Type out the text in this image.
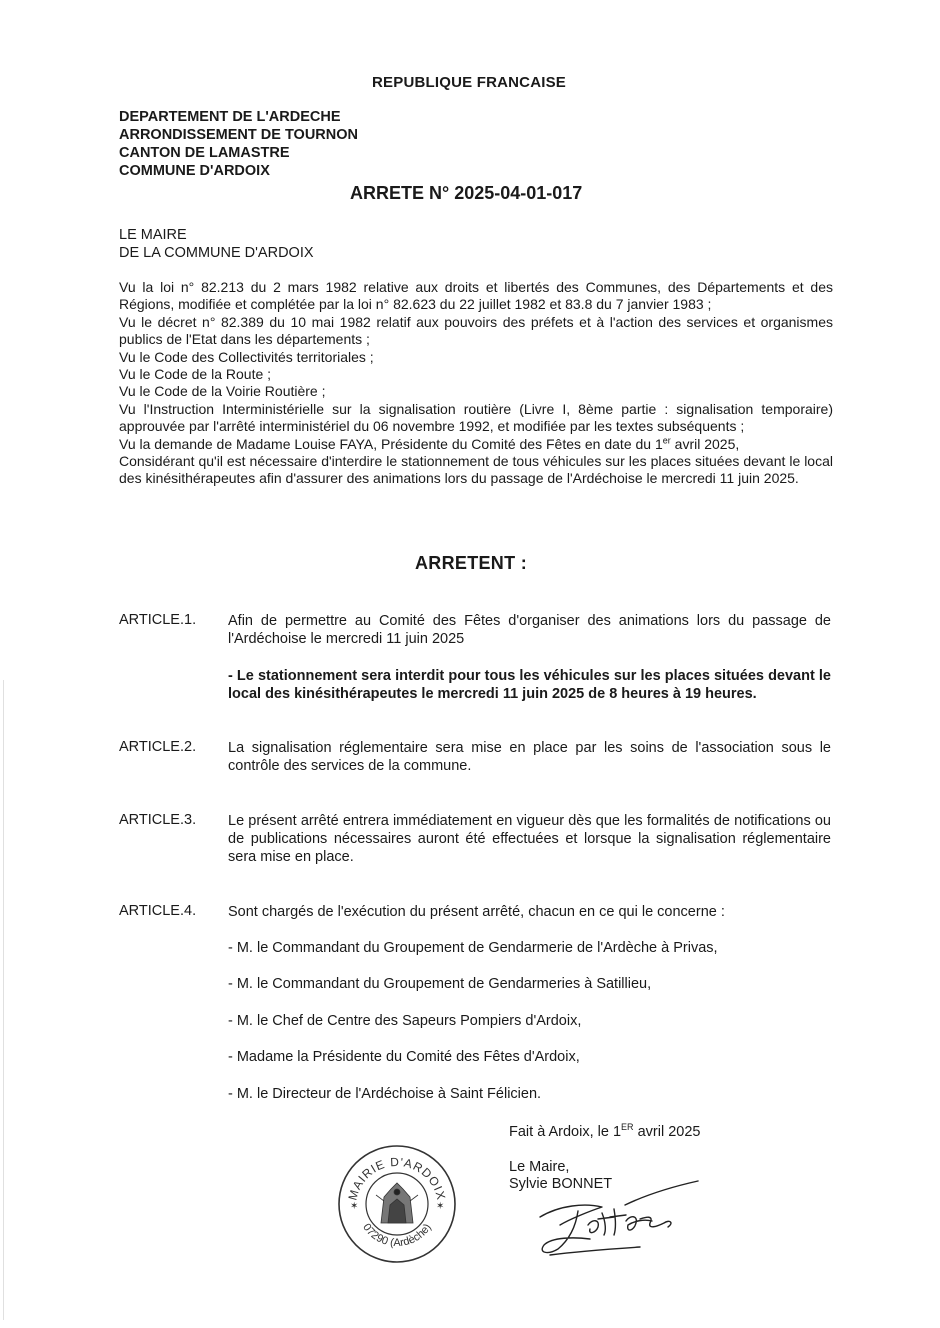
REPUBLIQUE FRANCAISE
DEPARTEMENT DE L'ARDECHE
ARRONDISSEMENT DE TOURNON
CANTON DE LAMASTRE
COMMUNE D'ARDOIX
ARRETE N° 2025-04-01-017
LE MAIRE
DE LA COMMUNE D'ARDOIX

Vu la loi n° 82.213 du 2 mars 1982 relative aux droits et libertés des Communes, des Départements et des Régions, modifiée et complétée par la loi n° 82.623 du 22 juillet 1982 et 83.8 du 7 janvier 1983 ;

Vu le décret n° 82.389 du 10 mai 1982 relatif aux pouvoirs des préfets et à l'action des services et organismes publics de l'Etat dans les départements ;

Vu le Code des Collectivités territoriales ;

Vu le Code de la Route ;

Vu le Code de la Voirie Routière ;

Vu l'Instruction Interministérielle sur la signalisation routière (Livre I, 8ème partie : signalisation temporaire) approuvée par l'arrêté interministériel du 06 novembre 1992, et modifiée par les textes subséquents ;

Vu la demande de Madame Louise FAYA, Présidente du Comité des Fêtes en date du 1er avril 2025,

Considérant qu'il est nécessaire d'interdire le stationnement de tous véhicules sur les places situées devant le local des kinésithérapeutes afin d'assurer des animations lors du passage de l'Ardéchoise le mercredi 11 juin 2025.

ARRETENT :
ARTICLE.1. Afin de permettre au Comité des Fêtes d'organiser des animations lors du passage de l'Ardéchoise le mercredi 11 juin 2025
- Le stationnement sera interdit pour tous les véhicules sur les places situées devant le local des kinésithérapeutes le mercredi 11 juin 2025 de 8 heures à 19 heures.
ARTICLE.2. La signalisation réglementaire sera mise en place par les soins de l'association sous le contrôle des services de la commune.
ARTICLE.3. Le présent arrêté entrera immédiatement en vigueur dès que les formalités de notifications ou de publications nécessaires auront été effectuées et lorsque la signalisation réglementaire sera mise en place.
ARTICLE.4. Sont chargés de l'exécution du présent arrêté, chacun en ce qui le concerne :
- M. le Commandant du Groupement de Gendarmerie de l'Ardèche à Privas,
- M. le Commandant du Groupement de Gendarmeries à Satillieu,
- M. le Chef de Centre des Sapeurs Pompiers d'Ardoix,
- Madame la Présidente du Comité des Fêtes d'Ardoix,
- M. le Directeur de l'Ardéchoise à Saint Félicien.
Fait à Ardoix, le 1ER avril 2025
Le Maire,
Sylvie BONNET
MAIRIE D'ARDOIX
07290 (Ardèche)
✶	✶
